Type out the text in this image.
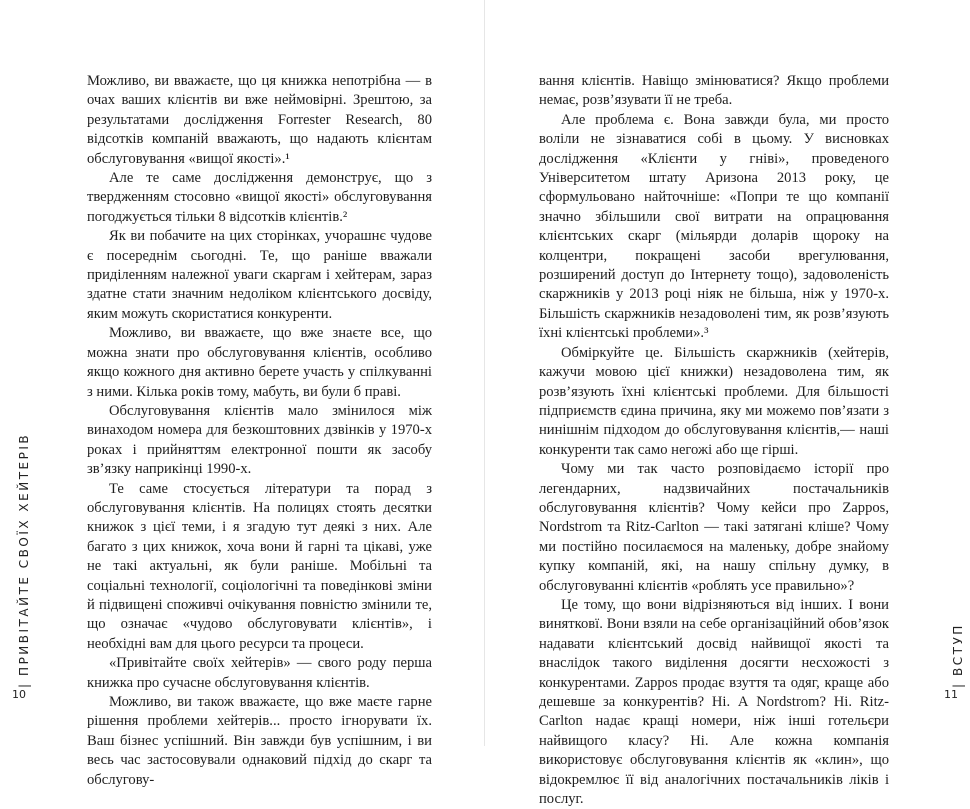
Можливо, ви вважаєте, що ця книжка непотрібна — в очах ваших клієнтів ви вже неймовірні. Зрештою, за результатами дослідження Forrester Research, 80 відсотків компаній вважають, що надають клієнтам обслуговування «вищої якості».¹

Але те саме дослідження демонструє, що з твердженням стосовно «вищої якості» обслуговування погоджується тільки 8 відсотків клієнтів.²

Як ви побачите на цих сторінках, учорашнє чудове є посереднім сьогодні. Те, що раніше вважали приділенням належної уваги скаргам і хейтерам, зараз здатне стати значним недоліком клієнтського досвіду, яким можуть скористатися конкуренти.

Можливо, ви вважаєте, що вже знаєте все, що можна знати про обслуговування клієнтів, особливо якщо кожного дня активно берете участь у спілкуванні з ними. Кілька років тому, мабуть, ви були б праві.

Обслуговування клієнтів мало змінилося між винаходом номера для безкоштовних дзвінків у 1970-х роках і прийняттям електронної пошти як засобу зв’язку наприкінці 1990-х.

Те саме стосується літератури та порад з обслуговування клієнтів. На полицях стоять десятки книжок з цієї теми, і я згадую тут деякі з них. Але багато з цих книжок, хоча вони й гарні та цікаві, уже не такі актуальні, як були раніше. Мобільні та соціальні технології, соціологічні та поведінкові зміни й підвищені споживчі очікування повністю змінили те, що означає «чудово обслуговувати клієнтів», і необхідні вам для цього ресурси та процеси.

«Привітайте своїх хейтерів» — свого роду перша книжка про сучасне обслуговування клієнтів.

Можливо, ви також вважаєте, що вже маєте гарне рішення проблеми хейтерів... просто ігнорувати їх. Ваш бізнес успішний. Він завжди був успішним, і ви весь час застосовували однаковий підхід до скарг та обслугову-

|ПРИВІТАЙТЕ СВОЇХ ХЕЙТЕРІВ
10

вання клієнтів. Навіщо змінюватися? Якщо проблеми немає, розв’язувати її не треба.

Але проблема є. Вона завжди була, ми просто воліли не зізнаватися собі в цьому. У висновках дослідження «Клієнти у гніві», проведеного Університетом штату Аризона 2013 року, це сформульовано найточніше: «Попри те що компанії значно збільшили свої витрати на опрацювання клієнтських скарг (мільярди доларів щороку на колцентри, покращені засоби врегулювання, розширений доступ до Інтернету тощо), задоволеність скаржників у 2013 році ніяк не більша, ніж у 1970-х. Більшість скаржників незадоволені тим, як розв’язують їхні клієнтські проблеми».³

Обміркуйте це. Більшість скаржників (хейтерів, кажучи мовою цієї книжки) незадоволена тим, як розв’язують їхні клієнтські проблеми. Для більшості підприємств єдина причина, яку ми можемо пов’язати з нинішнім підходом до обслуговування клієнтів,— наші конкуренти так само негожі або ще гірші.

Чому ми так часто розповідаємо історії про легендарних, надзвичайних постачальників обслуговування клієнтів? Чому кейси про Zappos, Nordstrom та Ritz-Carlton — такі затягані кліше? Чому ми постійно посилаємося на маленьку, добре знайому купку компаній, які, на нашу спільну думку, в обслуговуванні клієнтів «роблять усе правильно»?

Це тому, що вони відрізняються від інших. І вони винятковї. Вони взяли на себе організаційний обов’язок надавати клієнтський досвід найвищої якості та внаслідок такого виділення досягти несхожості з конкурентами. Zappos продає взуття та одяг, краще або дешевше за конкурентів? Ні. А Nordstrom? Ні. Ritz-Carlton надає кращі номери, ніж інші готельєри найвищого класу? Ні. Але кожна компанія використовує обслуговування клієнтів як «клин», що відокремлює її від аналогічних постачальників ліків і послуг.

|ВСТУП
11
